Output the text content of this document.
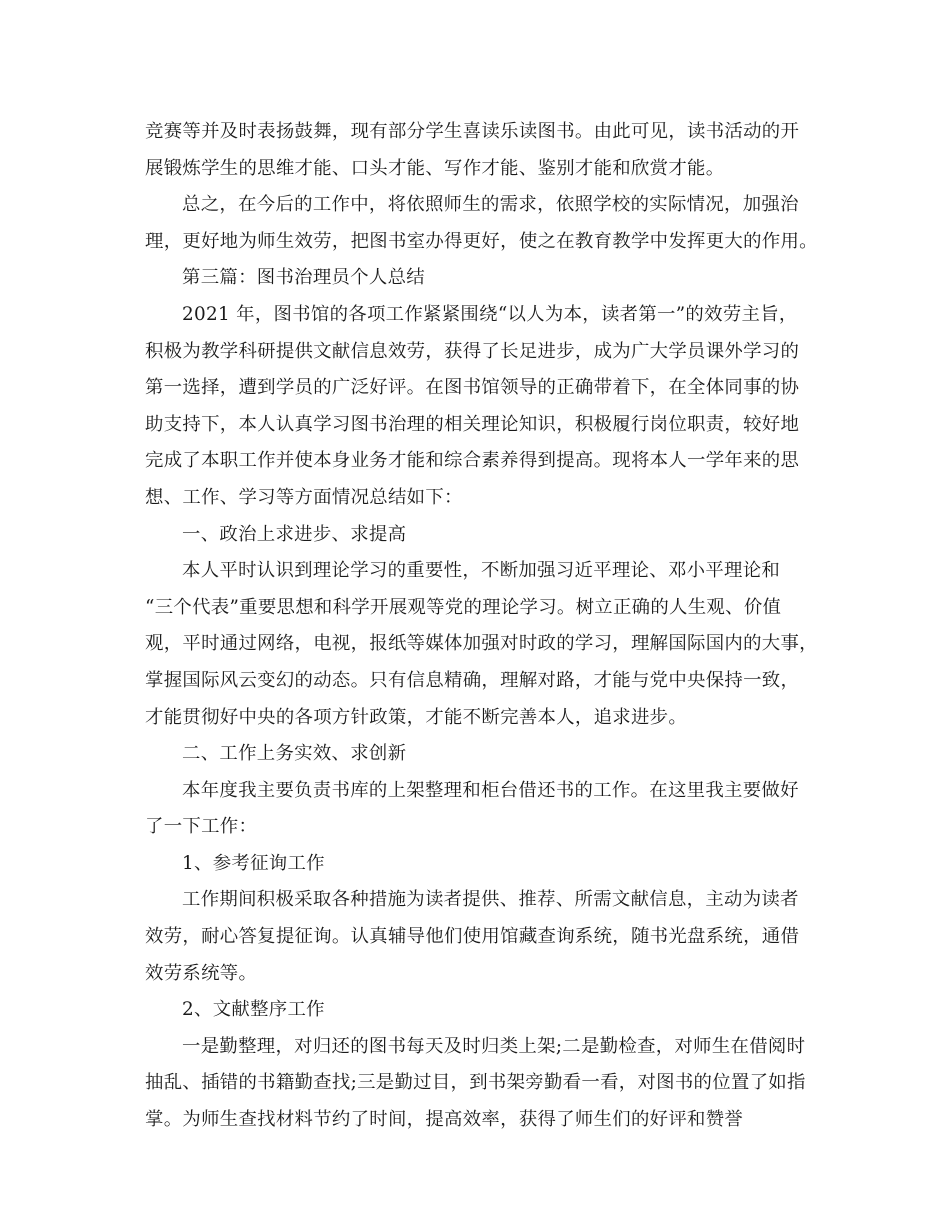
竞赛等并及时表扬鼓舞，现有部分学生喜读乐读图书。由此可见，读书活动的开
展锻炼学生的思维才能、口头才能、写作才能、鉴别才能和欣赏才能。
总之，在今后的工作中，将依照师生的需求，依照学校的实际情况，加强治
理，更好地为师生效劳，把图书室办得更好，使之在教育教学中发挥更大的作用。
第三篇：图书治理员个人总结
2021 年，图书馆的各项工作紧紧围绕“以人为本，读者第一”的效劳主旨，
积极为教学科研提供文献信息效劳，获得了长足进步，成为广大学员课外学习的
第一选择，遭到学员的广泛好评。在图书馆领导的正确带着下，在全体同事的协
助支持下，本人认真学习图书治理的相关理论知识，积极履行岗位职责，较好地
完成了本职工作并使本身业务才能和综合素养得到提高。现将本人一学年来的思
想、工作、学习等方面情况总结如下：
一、政治上求进步、求提高
本人平时认识到理论学习的重要性，不断加强习近平理论、邓小平理论和
“三个代表”重要思想和科学开展观等党的理论学习。树立正确的人生观、价值
观，平时通过网络，电视，报纸等媒体加强对时政的学习，理解国际国内的大事，
掌握国际风云变幻的动态。只有信息精确，理解对路，才能与党中央保持一致，
才能贯彻好中央的各项方针政策，才能不断完善本人，追求进步。
二、工作上务实效、求创新
本年度我主要负责书库的上架整理和柜台借还书的工作。在这里我主要做好
了一下工作：
1、参考征询工作
工作期间积极采取各种措施为读者提供、推荐、所需文献信息，主动为读者
效劳，耐心答复提征询。认真辅导他们使用馆藏查询系统，随书光盘系统，通借
效劳系统等。
2、文献整序工作
一是勤整理，对归还的图书每天及时归类上架;二是勤检查，对师生在借阅时
抽乱、插错的书籍勤查找;三是勤过目，到书架旁勤看一看，对图书的位置了如指
掌。为师生查找材料节约了时间，提高效率，获得了师生们的好评和赞誉
